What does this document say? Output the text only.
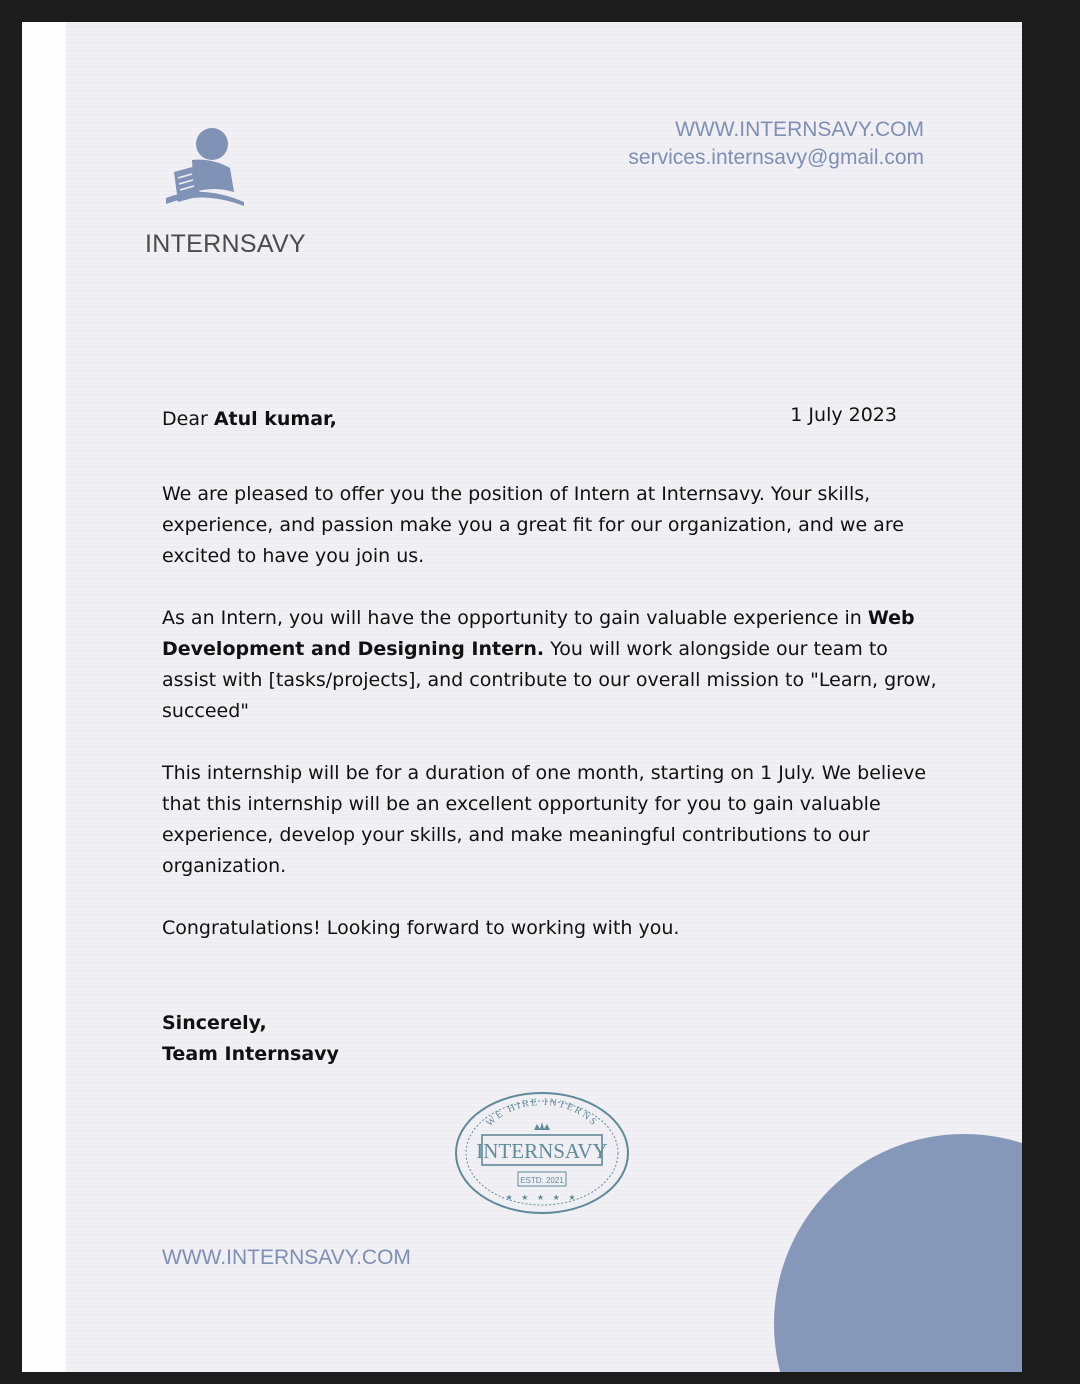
INTERNSAVY
WWW.INTERNSAVY.COM
services.internsavy@gmail.com
1 July 2023

Dear Atul kumar,

We are pleased to offer you the position of Intern at Internsavy. Your skills, experience, and passion make you a great fit for our organization, and we are excited to have you join us.

As an Intern, you will have the opportunity to gain valuable experience in Web Development and Designing Intern. You will work alongside our team to assist with [tasks/projects], and contribute to our overall mission to "Learn, grow, succeed"

This internship will be for a duration of one month, starting on 1 July. We believe that this internship will be an excellent opportunity for you to gain valuable experience, develop your skills, and make meaningful contributions to our organization.

Congratulations! Looking forward to working with you.

Sincerely,
Team Internsavy
WE HIRE INTERNS
INTERNSAVY
ESTD. 2021
★ ★ ★ ★ ★
WWW.INTERNSAVY.COM
